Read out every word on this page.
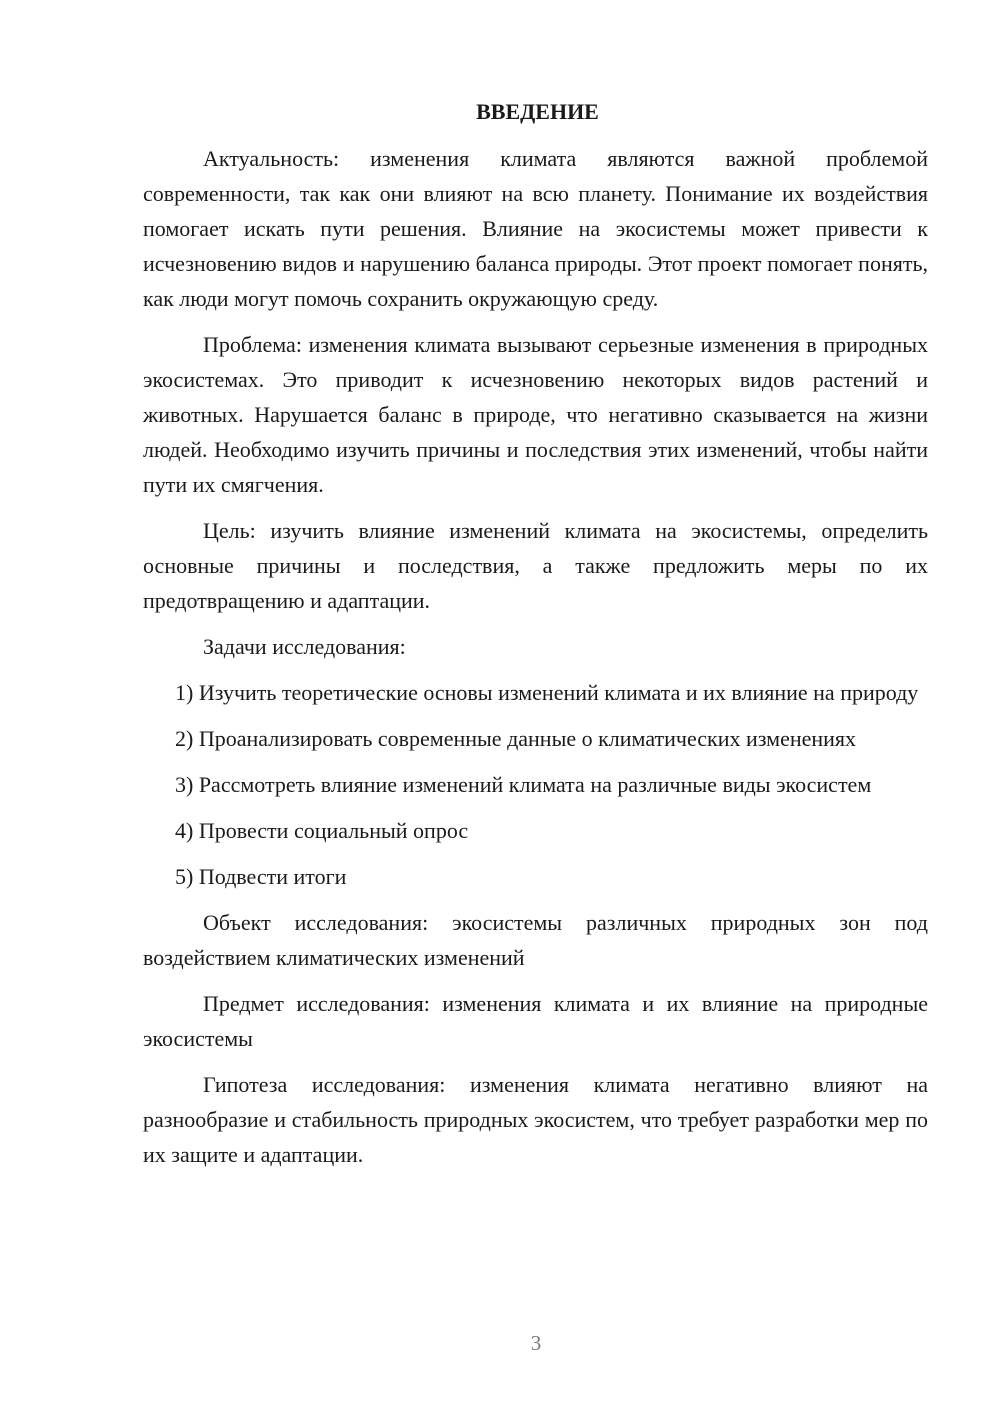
ВВЕДЕНИЕ
Актуальность: изменения климата являются важной проблемой современности, так как они влияют на всю планету. Понимание их воздействия помогает искать пути решения. Влияние на экосистемы может привести к исчезновению видов и нарушению баланса природы. Этот проект помогает понять, как люди могут помочь сохранить окружающую среду.
Проблема: изменения климата вызывают серьезные изменения в природных экосистемах. Это приводит к исчезновению некоторых видов растений и животных. Нарушается баланс в природе, что негативно сказывается на жизни людей. Необходимо изучить причины и последствия этих изменений, чтобы найти пути их смягчения.
Цель: изучить влияние изменений климата на экосистемы, определить основные причины и последствия, а также предложить меры по их предотвращению и адаптации.
Задачи исследования:
1) Изучить теоретические основы изменений климата и их влияние на природу
2) Проанализировать современные данные о климатических изменениях
3) Рассмотреть влияние изменений климата на различные виды экосистем
4) Провести социальный опрос
5) Подвести итоги
Объект исследования: экосистемы различных природных зон под воздействием климатических изменений
Предмет исследования: изменения климата и их влияние на природные экосистемы
Гипотеза исследования: изменения климата негативно влияют на разнообразие и стабильность природных экосистем, что требует разработки мер по их защите и адаптации.
3
